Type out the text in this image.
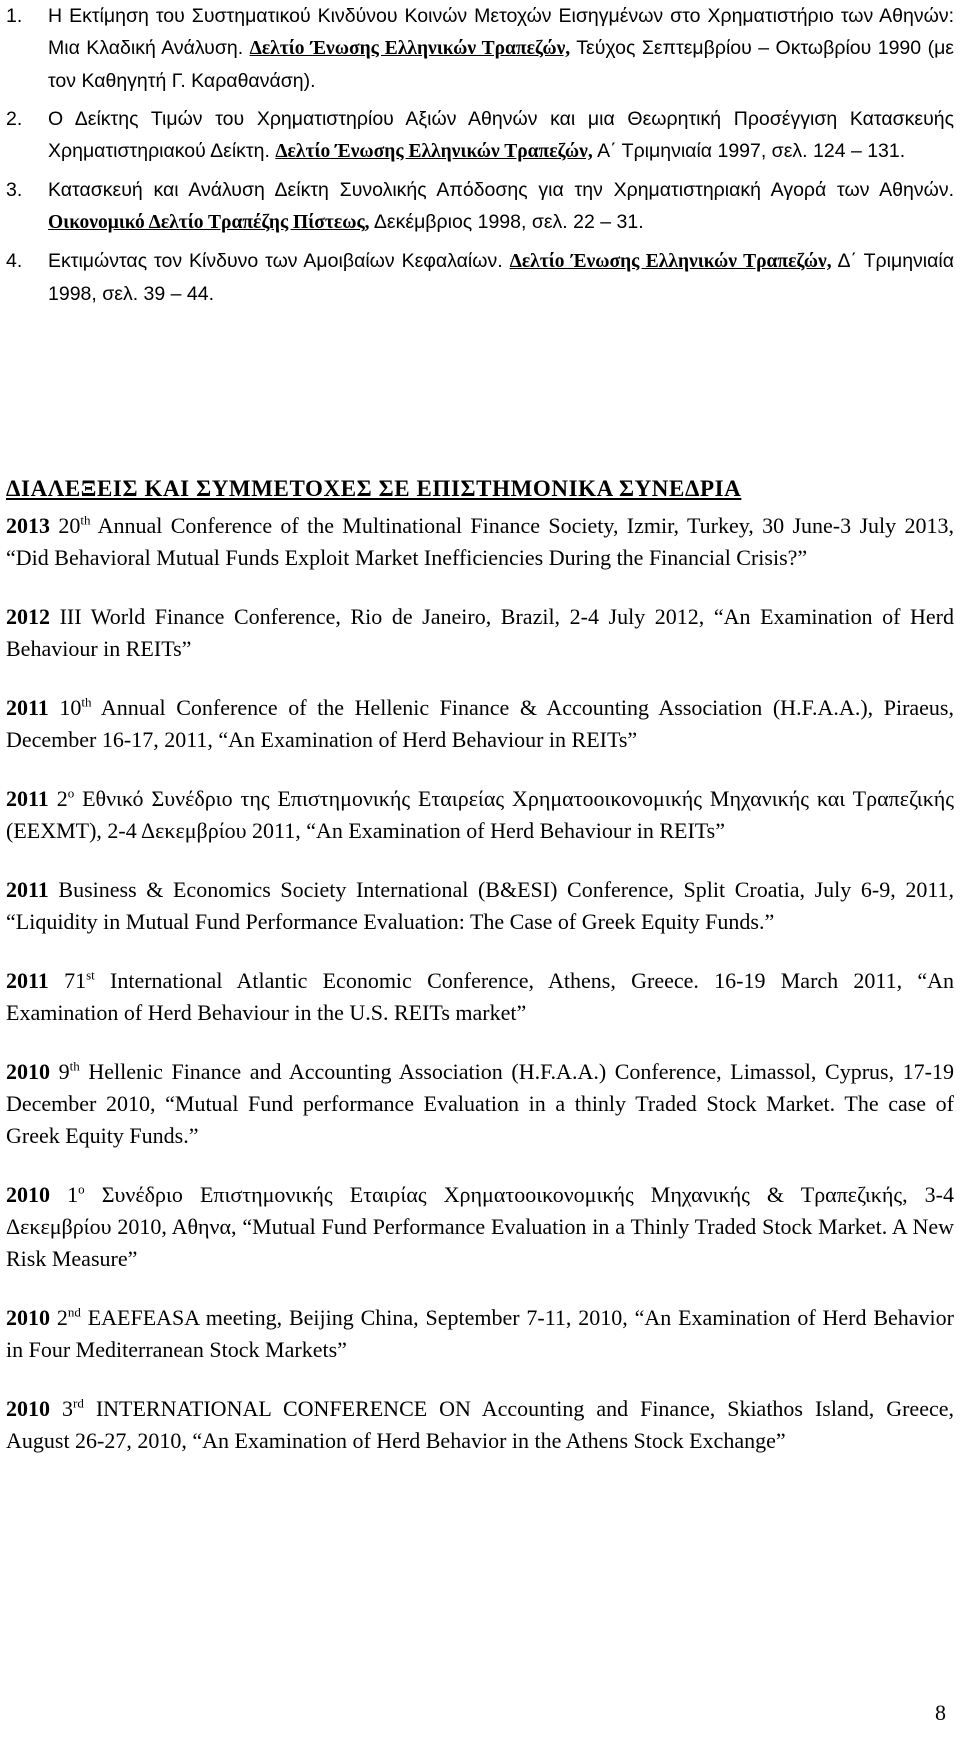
1. Η Εκτίμηση του Συστηματικού Κινδύνου Κοινών Μετοχών Εισηγμένων στο Χρηματιστήριο των Αθηνών: Μια Κλαδική Ανάλυση. Δελτίο Ένωσης Ελληνικών Τραπεζών, Τεύχος Σεπτεμβρίου – Οκτωβρίου 1990 (με τον Καθηγητή Γ. Καραθανάση).
2. Ο Δείκτης Τιμών του Χρηματιστηρίου Αξιών Αθηνών και μια Θεωρητική Προσέγγιση Κατασκευής Χρηματιστηριακού Δείκτη. Δελτίο Ένωσης Ελληνικών Τραπεζών, Α΄ Τριμηνιαία 1997, σελ. 124 – 131.
3. Κατασκευή και Ανάλυση Δείκτη Συνολικής Απόδοσης για την Χρηματιστηριακή Αγορά των Αθηνών. Οικονομικό Δελτίο Τραπέζης Πίστεως, Δεκέμβριος 1998, σελ. 22 – 31.
4. Εκτιμώντας τον Κίνδυνο των Αμοιβαίων Κεφαλαίων. Δελτίο Ένωσης Ελληνικών Τραπεζών, Δ΄ Τριμηνιαία 1998, σελ. 39 – 44.
ΔΙΑΛΕΞΕΙΣ ΚΑΙ ΣΥΜΜΕΤΟΧΕΣ ΣΕ ΕΠΙΣΤΗΜΟΝΙΚΑ ΣΥΝΕΔΡΙΑ
2013 20th Annual Conference of the Multinational Finance Society, Izmir, Turkey, 30 June-3 July 2013, “Did Behavioral Mutual Funds Exploit Market Inefficiencies During the Financial Crisis?”
2012 III World Finance Conference, Rio de Janeiro, Brazil, 2-4 July 2012, “An Examination of Herd Behaviour in REITs”
2011 10th Annual Conference of the Hellenic Finance & Accounting Association (H.F.A.A.), Piraeus, December 16-17, 2011, “An Examination of Herd Behaviour in REITs”
2011 2$^o$ Εθνικό Συνέδριο της Επιστημονικής Εταιρείας Χρηματοοικονομικής Μηχανικής και Τραπεζικής (ΕΕΧΜΤ), 2-4 Δεκεμβρίου 2011, “An Examination of Herd Behaviour in REITs”
2011 Business & Economics Society International (B&ESI) Conference, Split Croatia, July 6-9, 2011, “Liquidity in Mutual Fund Performance Evaluation: The Case of Greek Equity Funds.”
2011 71st International Atlantic Economic Conference, Athens, Greece. 16-19 March 2011, “An Examination of Herd Behaviour in the U.S. REITs market”
2010 9th Hellenic Finance and Accounting Association (H.F.A.A.) Conference, Limassol, Cyprus, 17-19 December 2010, “Mutual Fund performance Evaluation in a thinly Traded Stock Market. The case of Greek Equity Funds.”
2010 1$^o$ Συνέδριο Επιστημονικής Εταιρίας Χρηματοοικονομικής Μηχανικής & Τραπεζικής, 3-4 Δεκεμβρίου 2010, Αθηνα, “Mutual Fund Performance Evaluation in a Thinly Traded Stock Market. A New Risk Measure”
2010 2nd EAEFEASA meeting, Beijing China, September 7-11, 2010, “An Examination of Herd Behavior in Four Mediterranean Stock Markets”
2010 3rd INTERNATIONAL CONFERENCE ON Accounting and Finance, Skiathos Island, Greece, August 26-27, 2010, “An Examination of Herd Behavior in the Athens Stock Exchange”
8
